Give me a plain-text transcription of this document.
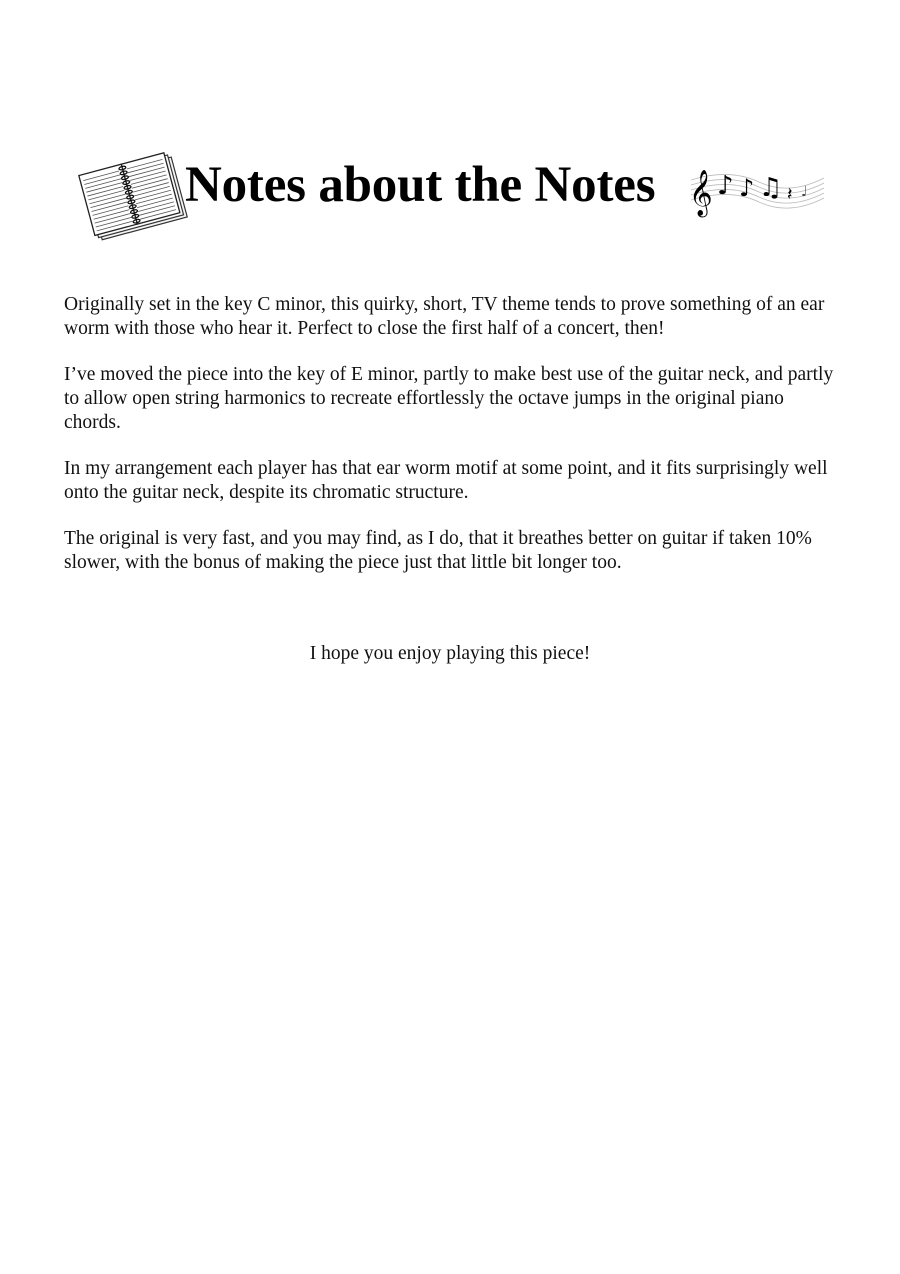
Notes about the Notes 𝄞 ♪ ♪ ♫ 𝄽 ♩

Originally set in the key C minor, this quirky, short, TV theme tends to prove something of an ear worm with those who hear it. Perfect to close the first half of a concert, then!

I’ve moved the piece into the key of E minor, partly to make best use of the guitar neck, and partly to allow open string harmonics to recreate effortlessly the octave jumps in the original piano chords.

In my arrangement each player has that ear worm motif at some point, and it fits surprisingly well onto the guitar neck, despite its chromatic structure.

The original is very fast, and you may find, as I do, that it breathes better on guitar if taken 10% slower, with the bonus of making the piece just that little bit longer too.

I hope you enjoy playing this piece!
